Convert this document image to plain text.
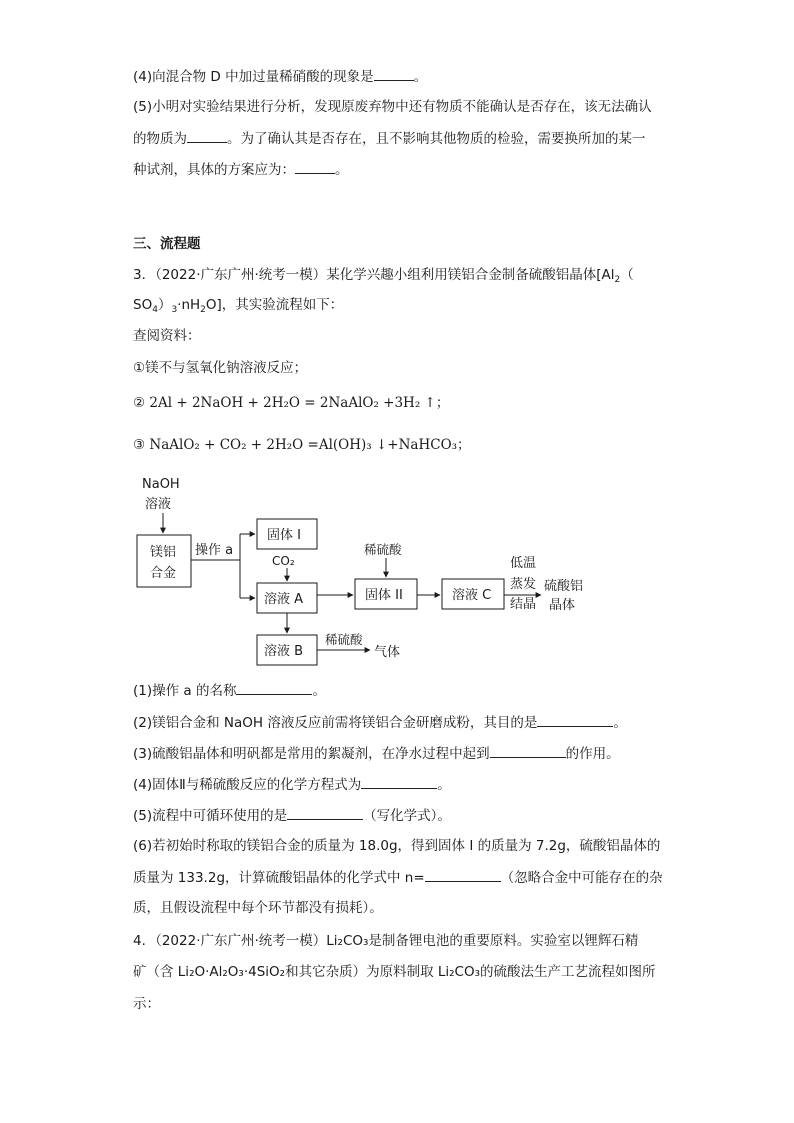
(4)向混合物 D 中加过量稀硝酸的现象是	。
(5)小明对实验结果进行分析，发现原废弃物中还有物质不能确认是否存在，该无法确认
的物质为	。为了确认其是否存在，且不影响其他物质的检验，需要换所加的某一
种试剂，具体的方案应为：	。
三、流程题
3．（2022·广东广州·统考一模）某化学兴趣小组利用镁铝合金制备硫酸铝晶体[$Al_2$（
$SO_4)_3\cdot nH_2O$]，其实验流程如下：
查阅资料：
①镁不与氢氧化钠溶液反应；
② 2Al + 2NaOH + 2H₂O = 2NaAlO₂ +3H₂ ↑；
③ NaAlO₂ + CO₂ + 2H₂O =Al(OH)₃ ↓+NaHCO₃；
NaOH
溶液
镁铝
合金
操作 a
固体 I
CO₂
溶液 A
稀硫酸
固体 II	溶液 C
低温
蒸发
结晶
硫酸铝
晶体
溶液 B
稀硫酸
气体
(1)操作 a 的名称	。
(2)镁铝合金和 NaOH 溶液反应前需将镁铝合金研磨成粉，其目的是	。
(3)硫酸铝晶体和明矾都是常用的絮凝剂，在净水过程中起到	的作用。
(4)固体Ⅱ与稀硫酸反应的化学方程式为	。
(5)流程中可循环使用的是	（写化学式）。
(6)若初始时称取的镁铝合金的质量为 18.0g，得到固体 I 的质量为 7.2g，硫酸铝晶体的
质量为 133.2g，计算硫酸铝晶体的化学式中 n=	（忽略合金中可能存在的杂
质，且假设流程中每个环节都没有损耗）。
4．（2022·广东广州·统考一模）Li₂CO₃是制备锂电池的重要原料。实验室以锂辉石精
矿（含 Li₂O·Al₂O₃·4SiO₂和其它杂质）为原料制取 Li₂CO₃的硫酸法生产工艺流程如图所
示：
